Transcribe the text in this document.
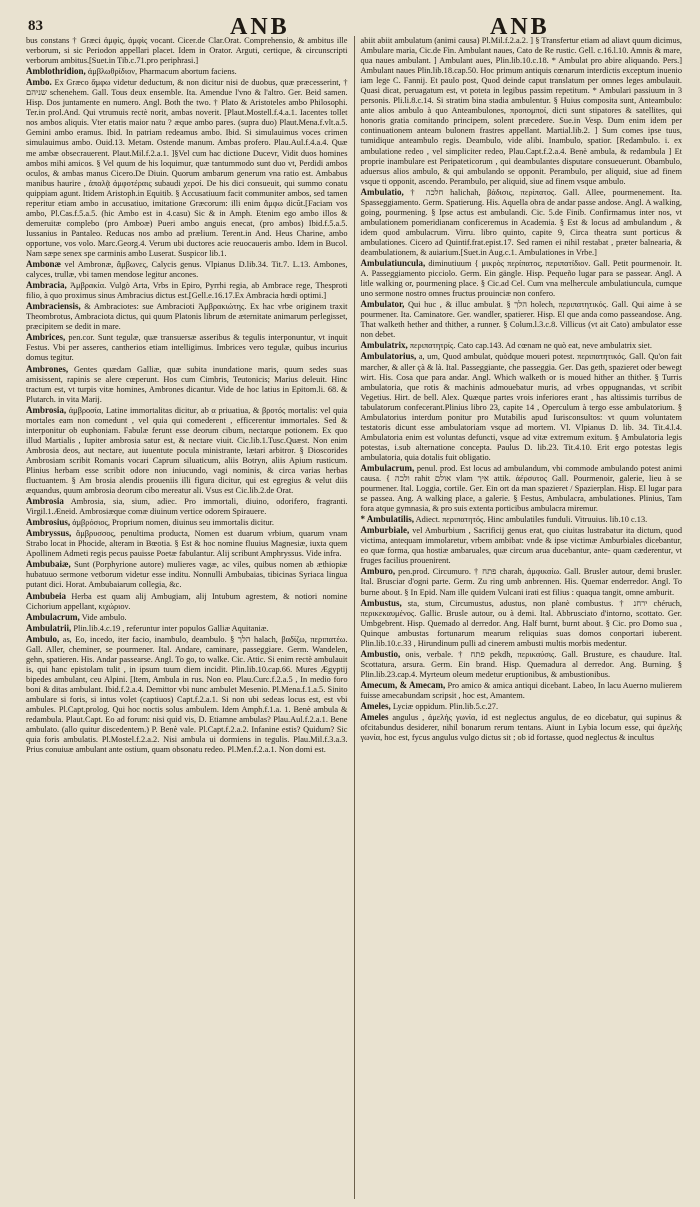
83	ANB	ANB

bus constans † Græci ἀμφὶς, ἀμφὶς vocant. Cicer.de Clar.Orat. Comprehensio, & ambitus ille verborum, si sic Periodon appellari placet. Idem in Orator. Arguti, certique, & circunscripti verborum ambitus.[Suet.in Tib.c.71.pro periphrasi.]

Amblothridion, ἀμβλωθρίδιον, Pharmacum abortum faciens.

Ambo. Ex Græco ἄμφω videtur deductum, & non dicitur nisi de duobus, quæ præcesserint, † שניהם schenehem. Gall. Tous deux ensemble. Ita. Amendue l'vno & l'altro. Ger. Beid samen. Hisp. Dos juntamente en numero. Angl. Both the two. † Plato & Aristoteles ambo Philosophi. Ter.in prol.And. Qui vtrumuis rectè norit, ambas noverit. [Plaut.Mostell.f.4.a.1. Iacentes tollet nos ambos aliquis. Vter etatis maior natu ? æque ambo pares. (supra duo) Plaut.Mena.f.vlt.a.5. Gemini ambo eramus. Ibid. In patriam redeamus ambo. Ibid. Si simulauimus voces crimen simulauimus ambo. Ouid.13. Metam. Ostende manum. Ambas profero. Plau.Aul.f.4.a.4. Quæ me ambæ obsecrauerent. Plaut.Mil.f.2.a.1. ]§Vel cum hac dictione Ducevr, Vidit duos homines ambos mihi amicos. § Vel quum de his loquimur, quæ tantummodo sunt duo vt, Perdidi ambos oculos, & ambas manus Cicero.De Diuin. Quorum ambarum generum vna ratio est. Ambabus manibus haurire , ἀπαλᾷ ἀμφοτέραις subaudi χερσί. De his dici consueuit, qui summo conatu quippiam agunt. Itidem Aristoph.in Equitib. § Accusatiuum facit communiter ambos, sed tamen reperitur etiam ambo in accusatiuo, imitatione Græcorum: illi enim ἄμφω dicũt.[Faciam vos ambo, Pl.Cas.f.5.a.5. (hic Ambo est in 4.casu) Sic & in Amph. Etenim ego ambo illos & demeruitæ complebo (pro Amboæ) Pueri ambo anguis enecat, (pro ambos) Ibid.f.5.a.5. Iussanius in Pantaleo. Reducas nos ambo ad prælium. Terent.in And. Heus Charine, ambo opportune, vos volo. Marc.Georg.4. Verum ubi ductores acie reuocaueris ambo. Idem in Bucol. Nam sæpe senex spe carminis ambo Luserat. Suspicor lib.1.

Ambonæ vel Ambronæ, ἄμβωνες, Calycis genus. Vlpianus D.lib.34. Tit.7. L.13. Ambones, calyces, trullæ, vbi tamen mendose legitur ancones.

Ambracia, Ἀμβρακία. Vulgò Arta, Vrbs in Epiro, Pyrrhi regia, ab Ambrace rege, Thesproti filio, à quo proximus sinus Ambracius dictus est.[Gell.e.16.17.Ex Ambracia hœdi optimi.]

Ambraciensis, & Ambraciotes: sue Ambracioti Ἀμβρακιώτης. Ex hac vrbe originem traxit Theombrotus, Ambraciota dictus, qui quum Platonis librum de æternitate animarum perlegisset, præcipitem se dedit in mare.

Ambrices, pen.cor. Sunt tegulæ, quæ transuersæ asseribus & tegulis interponuntur, vt inquit Festus. Vbi per asseres, cantherios etiam intelligimus. Imbrices vero tegulæ, quibus incurius domus tegitur.

Ambrones, Gentes quædam Galliæ, quæ subita inundatione maris, quum sedes suas amisissent, rapinis se alere cœperunt. Hos cum Cimbris, Teutonicis; Marius deleuit. Hinc tractum est, vt turpis vitæ homines, Ambrones dicantur. Vide de hoc latius in Epitom.li. 68. & Plutarch. in vita Marij.

Ambrosia, ἀμβροσία, Latine immortalitas dicitur, ab α priuatiua, & βροτός mortalis: vel quia mortales eam non comedunt , vel quia qui comederent , efficerentur immortales. Sed & interponitur ob euphoniam. Fabulæ ferunt esse deorum cibum, nectarque potionem. Ex quo illud Martialis , Iupiter ambrosia satur est, & nectare viuit. Cic.lib.1.Tusc.Quæst. Non enim Ambrosia deos, aut nectare, aut iuuentute pocula ministrante, lætari arbitror. § Dioscorides Ambrosiam scribit Romanis vocari Caprum siluaticum, aliis Botryn, aliis Apium rusticum. Plinius herbam esse scribit odore non iniucundo, vagi nominis, & circa varias herbas fluctuantem. § Am brosia alendis proueniis illi figura dicitur, qui est egregius & velut diis æquandus, quum ambrosia deorum cibo mereatur ali. Vsus est Cic.lib.2.de Orat.

Ambrosia Ambrosia, sia, sium, adiec. Pro immortali, diuino, odorifero, fragranti. Virgil.1.Æneid. Ambrosiæque comæ diuinum vertice odorem Spirauere.

Ambrosius, ἀμβρόσιος, Proprium nomen, diuinus seu immortalis dicitur.

Ambryssus, ἄμβρυσσος, penultima producta, Nomen est duarum vrbium, quarum vnam Strabo locat in Phocide, alteram in Bœotia. § Est & hoc nomine fluuius Magnesiæ, iuxta quem Apollinem Admeti regis pecus pauisse Poetæ fabulantur. Alij scribunt Amphryssus. Vide infra.

Ambubaiæ, Sunt (Porphyrione autore) mulieres vagæ, ac viles, quibus nomen ab æthiopiæ hubatuuo sermone vetborum videtur esse inditu. Nonnulli Ambubaias, tibicinas Syriaca lingua putant dici. Horat. Ambubaiarum collegia, &c.

Ambubeia Herba est quam alij Ambugiam, alij Intubum agrestem, & notiori nomine Cichorium appellant, κιχώριον.

Ambulacrum, Vide ambulo.

Ambulatrii, Plin.lib.4.c.19 , referuntur inter populos Galliæ Aquitaniæ.

Ambulo, as, Eo, incedo, iter facio, inambulo, deambulo. § הלך halach, βαδίζω, περιπατέω. Gall. Aller, cheminer, se pourmener. Ital. Andare, caminare, passeggiare. Germ. Wandelen, gehn, spatieren. His. Andar passearse. Angl. To go, to walke. Cic. Attic. Si enim rectè ambulauit is, qui hanc epistolam tulit , in ipsum tuum diem incidit. Plin.lib.10.cap.66. Mures Ægyptij bipedes ambulant, ceu Alpini. [Item, Ambula in rus. Non eo. Plau.Curc.f.2.a.5 , In medio foro boni & ditas ambulant. Ibid.f.2.a.4. Demittor vbi nunc ambulet Mesenio. Pl.Mena.f.1.a.5. Sinito ambulare si foris, si intus volet (captiuos) Capt.f.2.a.1. Si non ubi sedeas locus est, est vbi ambules. Pl.Capt.prolog. Qui hoc noctis solus ambulem. Idem Amph.f.1.a. 1. Benè ambula & redambula. Plaut.Capt. Eo ad forum: nisi quid vis, D. Etiamne ambulas? Plau.Aul.f.2.a.1. Bene ambulato. (allo quitur discedentem.) P. Benè vale. Pl.Capt.f.2.a.2. Infanine estis? Quidum? Sic quia foris ambulatis. Pl.Mostel.f.2.a.2. Nisi ambula ui dormiens in tegulis. Plau.Mil.f.3.a.3. Prius conuiuæ ambulant ante ostium, quam obsonatu redeo. Pl.Men.f.2.a.1. Non domi est.

abiit abiit ambulatum (animi causa) Pl.Mil.f.2.a.2. ] § Transfertur etiam ad aliavt quum dicimus, Ambulare maria, Cic.de Fin. Ambulant naues, Cato de Re rustic. Gell. c.16.l.10. Amnis & mare, qua naues ambulant. ] Ambulant aues, Plin.lib.10.c.18. * Ambulat pro abire aliquando. Pers.] Ambulant naues Plin.lib.18.cap.50. Hoc primum antiquis cœnarum interdictis exceptum inuenio iam lege C. Fannij. Et paulo post, Quod deinde caput translatum per omnes leges ambulauit. Quasi dicat, peruagatum est, vt poteta in legibus passim repetitum. * Ambulari passiuum in 3 personis. Pli.li.8.c.14. Si stratim bina stadia ambulentur. § Huius composita sunt, Anteambulo: ante alios ambulo à quo Anteambulones, προπομποί, dicti sunt stipatores & satellites, qui honoris gratia comitando principem, solent præcedere. Sue.in Vesp. Dum enim idem per continuationem anteam bulonem frastres appellant. Martial.lib.2. ] Sum comes ipse tuus, tumidique anteambulo regis. Deambulo, vide alibi. Inambulo, spatior. [Redambulo. i. ex ambulatione redeo , vel simpliciter redeo, Plau.Capt.f.2.a.4. Benè ambula, & redambula ] Et proprie inambulare est Peripateticorum , qui deambulantes disputare consueuerunt. Obambulo, aduersus alios ambulo, & qui ambulando se opponit. Perambulo, per aliquid, siue ad finem vsque ti opponit, ascendo. Perambulo, per aliquid, siue ad finem vsque ambulo.

Ambulatio, † חלכה halichah, βάδισις, περίπατος. Gall. Allee, pourmenement. Ita. Spasseggiamento. Germ. Spatierung. His. Aquella obra de andar passe andose. Angl. A walking, going, pourmening. § Ipse actus est ambulandi. Cic. 5.de Finib. Confirmamus inter nos, vt ambulationem pomeridianam conficeremus in Academia. § Est & locus ad ambulandum , & idem quod ambulacrum. Virru. libro quinto, capite 9, Circa theatra sunt porticus & ambulationes. Cicero ad Quintif.frat.epist.17. Sed ramen ei nihil restabat , præter balnearia, & deambulationem, & auiarium.[Suet.in Aug.c.1. Ambulationes in Vrbe.]

Ambulatiuncula, diminutiuum { μικρὸς περίπατος, περιπατίδιον. Gall. Petit pourmenoir. It. A. Passeggiamento picciolo. Germ. Ein gängle. Hisp. Pequeño lugar para se passear. Angl. A litle walking or, pourmening place. § Cic.ad Cel. Cum vna melhercule ambulatiuncula, cumque uno sermone nostro omnes fructus prouinciæ non confero.

Ambulator, Qui huc , & illuc ambulat. § הלך holech, περιπατητικός. Gall. Qui aime à se pourmener. Ita. Caminatore. Ger. wandler, spatierer. Hisp. El que anda como passeandose. Ang. That walketh hether and thither, a runner. § Colum.l.3.c.8. Villicus (vt ait Cato) ambulator esse non debet.

Ambulatrix, περιπατητρίς. Cato cap.143. Ad cœnam ne quò eat, neve ambulatrix siet.

Ambulatorius, a, um, Quod ambulat, quòdque moueri potest. περιπατητικός. Gall. Qu'on fait marcher, & aller çà & là. Ital. Passeggiante, che passeggia. Ger. Das geth, spazieret oder bewegt wirt. His. Cosa que para andar. Angl. Which walketh or is moued hither an thither. § Turris ambulatoria, que rotis & machinis admouebatur muris, ad vrbes oppugnandas, vt scribit Vegetius. Hirt. de bell. Alex. Quæque partes vrois inferiores erant , has altissimis turribus de tabulatorum confecerant.Plinius libro 23, capite 14 , Operculum à tergo esse ambulatorium. § Ambulatorius interdum ponitur pro Mutabilis apud Iurisconsultos: vt quum voluntatem testatoris dicunt esse ambulatoriam vsque ad mortem. Vl. Vlpianus D. lib. 34. Tit.4.l.4. Ambulatoria enim est voluntas defuncti, vsque ad vitæ extremum exitum. § Ambulatoria legis potestas, i.sub alternatione concepta. Paulus D. lib.23. Tit.4.10. Erit ergo potestas legis ambulatoria, quia dotalis fuit obligatio.

Ambulacrum, penul. prod. Est locus ad ambulandum, vbi commode ambulando potest animi causa. { ולכה rahit אולם vlam איך attik. ἀέρσυτος Gall. Pourmenoir, galerie, lieu à se pourmener. Ital. Loggia, cortile. Ger. Ein ort da man spazieret / Spazierplan. Hisp. El lugar para se passea. Ang. A walking place, a galerie. § Festus, Ambulacra, ambulationes. Plinius, Tam fora atque gymnasia, & pro suis extenta porticibus ambulacra miremur.

* Ambulatilis, Adiect. περιπατητός. Hinc ambulatiles funduli. Vitruuius. lib.10 c.13.

Amburbiale, vel Amburbium , Sacrificij genus erat, quo ciuitas lustrabatur ita dictum, quod victima, antequam immolaretur, vrbem ambibat: vnde & ipse victimæ Amburbiales dicebantur, eo quæ forma, qua hostiæ ambaruales, quæ circum arua ducebantur, ante- quam cæderentur, vt fruges facilius prouenirent.

Amburo, pen.prod. Circumuro. † פתח charah, ἀμφικαίω. Gall. Brusler autour, demi brusler. Ital. Brusciar d'ogni parte. Germ. Zu ring umb anbrennen. His. Quemar enderredor. Angl. To burne about. § In Epid. Nam ille quidem Vulcani irati est filius : quaqua tangit, omne amburit.

Ambustus, sta, stum, Circumustus, adustus, non planè combustus. † ירחנ chéruch, περικεκαυμένος. Gallic. Brusle autour, ou à demi. Ital. Abbrusciato d'intorno, scottato. Ger. Umbgebrent. Hisp. Quemado al derredor. Ang. Half burnt, burnt about. § Cic. pro Domo sua , Quinque ambustas fortunarum mearum reliquias suas domos conportari iuberent. Plin.lib.10.c.33 , Hirundinum pulli ad cinerem ambusti multis morbis medentur.

Ambustio, onis, verbale. † פתח pekdh, περικαύσις. Gall. Brusture, es chaudure. Ital. Scottatura, arsura. Germ. Ein brand. Hisp. Quemadura al derredor. Ang. Burning. § Plin.lib.23.cap.4. Myrteum oleum medetur eruptionibus, & ambustionibus.

Amecum, & Amecam, Pro amico & amica antiqui dicebant. Labeo, In lacu Auerno mulierem fuisse amecabundam scripsit , hoc est, Amantem.

Ameles, Lyciæ oppidum. Plin.lib.5.c.27.

Ameles angulus , ἀμελὴς γωνία, id est neglectus angulus, de eo dicebatur, qui supinus & ofcitabundus desiderer, nihil bonarum rerum tentans. Aiunt in Lybia locum esse, qui ἀμελὴς γωνία, hoc est, fycus angulus vulgo dictus sit ; ob id fortasse, quod neglectus & incultus
